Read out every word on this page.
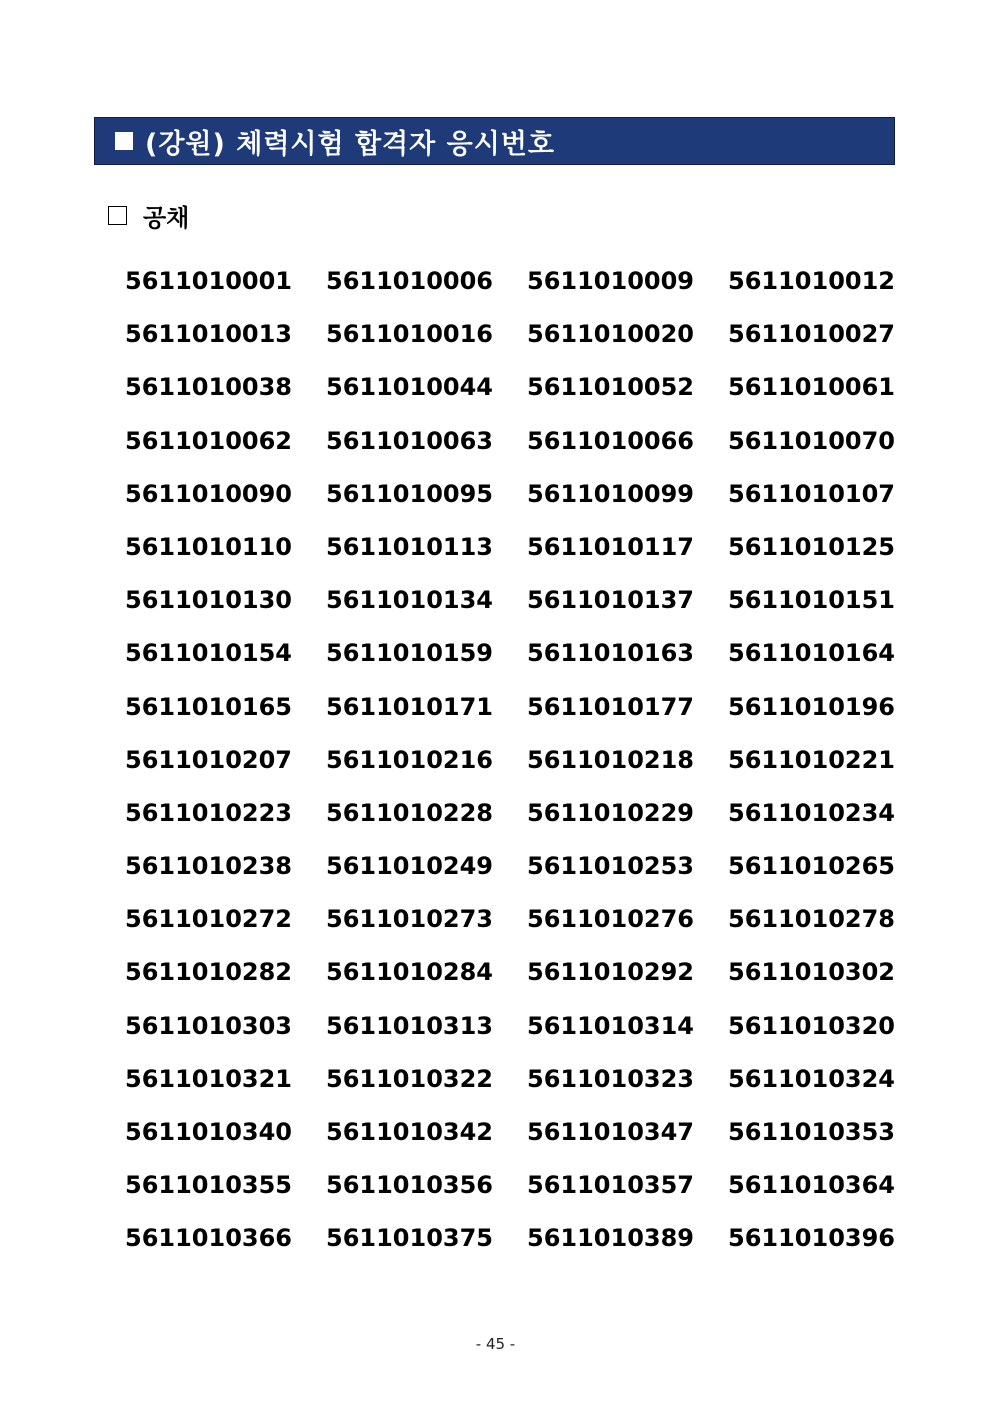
(강원) 체력시험 합격자 응시번호
공채
5611010001	5611010006	5611010009	5611010012
5611010013	5611010016	5611010020	5611010027
5611010038	5611010044	5611010052	5611010061
5611010062	5611010063	5611010066	5611010070
5611010090	5611010095	5611010099	5611010107
5611010110	5611010113	5611010117	5611010125
5611010130	5611010134	5611010137	5611010151
5611010154	5611010159	5611010163	5611010164
5611010165	5611010171	5611010177	5611010196
5611010207	5611010216	5611010218	5611010221
5611010223	5611010228	5611010229	5611010234
5611010238	5611010249	5611010253	5611010265
5611010272	5611010273	5611010276	5611010278
5611010282	5611010284	5611010292	5611010302
5611010303	5611010313	5611010314	5611010320
5611010321	5611010322	5611010323	5611010324
5611010340	5611010342	5611010347	5611010353
5611010355	5611010356	5611010357	5611010364
5611010366	5611010375	5611010389	5611010396
- 45 -
